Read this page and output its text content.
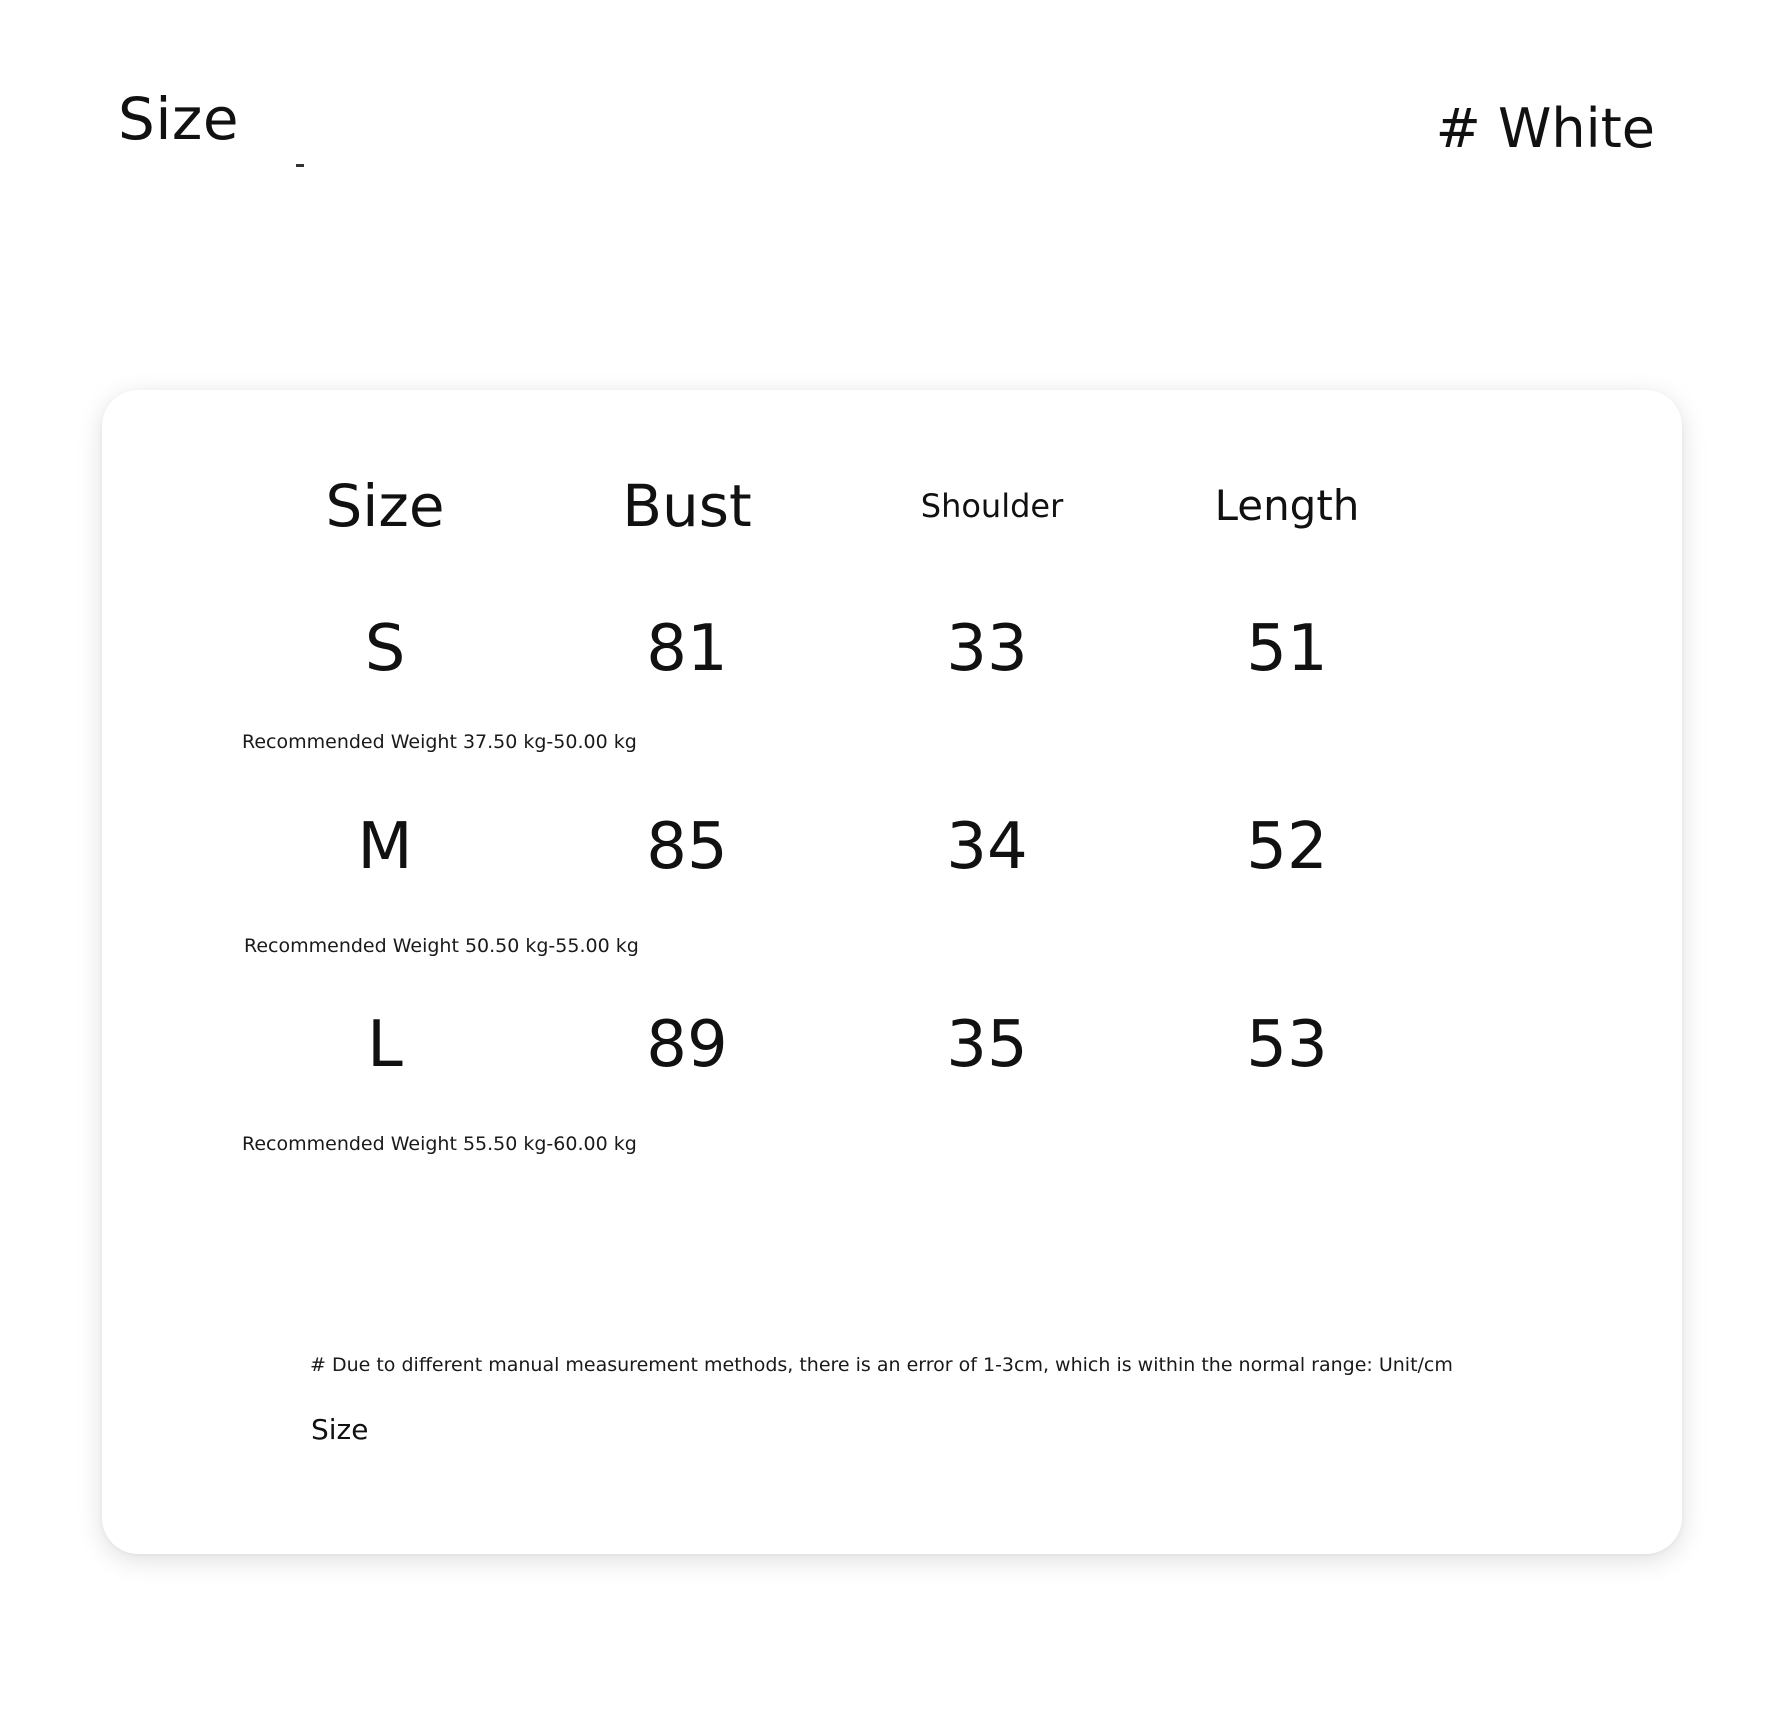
Size	# White
Size	Bust	Shoulder	Length
S	81	33	51
Recommended Weight 37.50 kg-50.00 kg
M	85	34	52
Recommended Weight 50.50 kg-55.00 kg
L	89	35	53
Recommended Weight 55.50 kg-60.00 kg
# Due to different manual measurement methods, there is an error of 1-3cm, which is within the normal range: Unit/cm
Size
